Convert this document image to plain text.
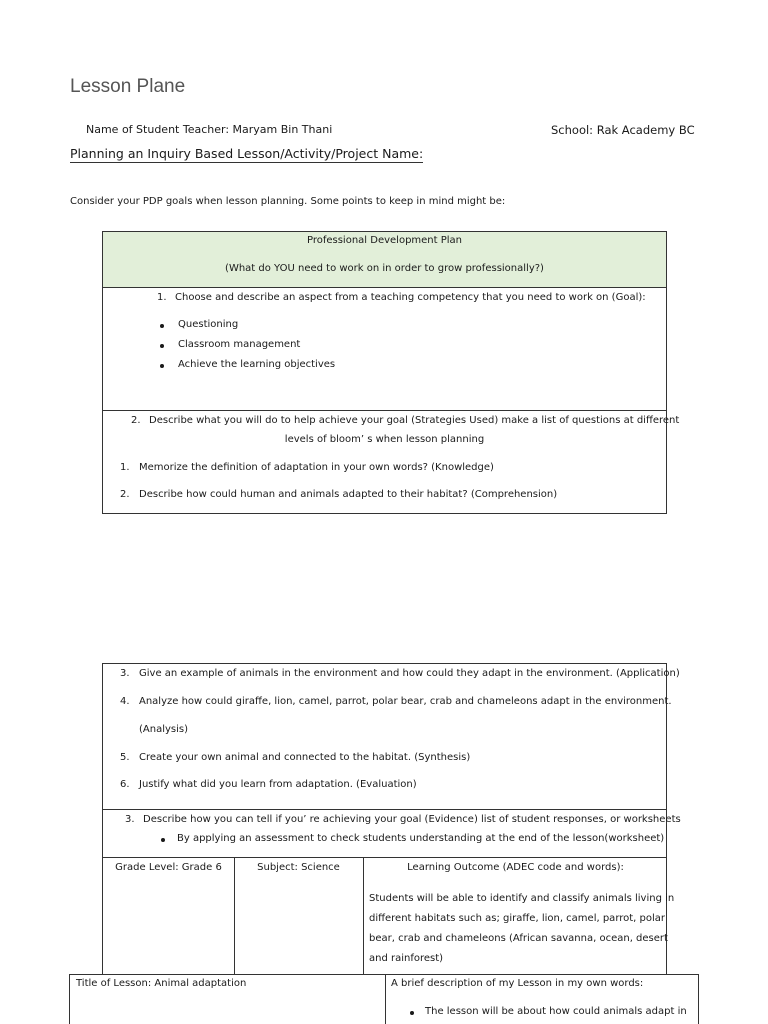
Lesson Plane
Name of Student Teacher: Maryam Bin Thani	School: Rak Academy BC
Planning an Inquiry Based Lesson/Activity/Project Name:
Consider your PDP goals when lesson planning. Some points to keep in mind might be:
Professional Development Plan
(What do YOU need to work on in order to grow professionally?)
1. Choose and describe an aspect from a teaching competency that you need to work on (Goal):
Questioning
Classroom management
Achieve the learning objectives
2. Describe what you will do to help achieve your goal (Strategies Used) make a list of questions at different
levels of bloom’ s when lesson planning
1. Memorize the definition of adaptation in your own words? (Knowledge)
2. Describe how could human and animals adapted to their habitat? (Comprehension)
3. Give an example of animals in the environment and how could they adapt in the environment. (Application)
4. Analyze how could giraffe, lion, camel, parrot, polar bear, crab and chameleons adapt in the environment.
(Analysis)
5. Create your own animal and connected to the habitat. (Synthesis)
6. Justify what did you learn from adaptation. (Evaluation)
3. Describe how you can tell if you’ re achieving your goal (Evidence) list of student responses, or worksheets
By applying an assessment to check students understanding at the end of the lesson(worksheet)
Grade Level: Grade 6	Subject: Science	Learning Outcome (ADEC code and words):
Students will be able to identify and classify animals living in
different habitats such as; giraffe, lion, camel, parrot, polar
bear, crab and chameleons (African savanna, ocean, desert
and rainforest)
Title of Lesson: Animal adaptation	A brief description of my Lesson in my own words:
The lesson will be about how could animals adapt in
